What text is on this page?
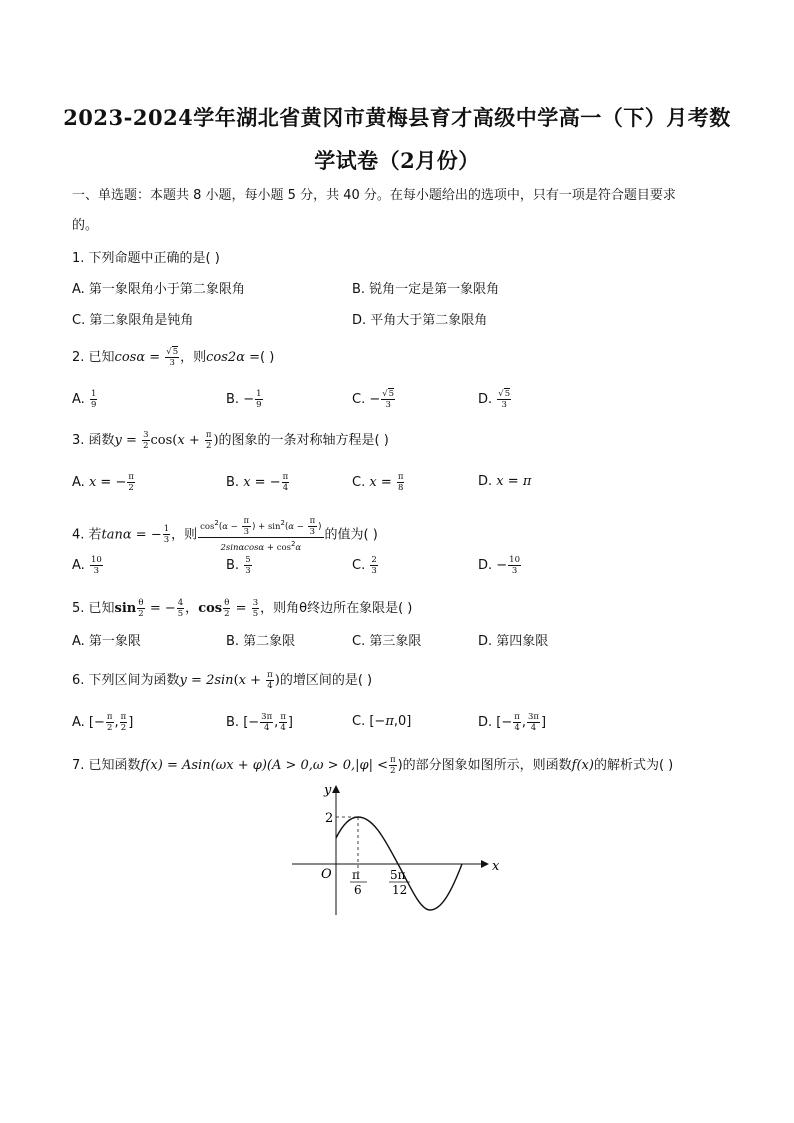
2023-2024学年湖北省黄冈市黄梅县育才高级中学高一（下）月考数
学试卷（2月份）
一、单选题：本题共 8 小题，每小题 5 分，共 40 分。在每小题给出的选项中，只有一项是符合题目要求
的。
1. 下列命题中正确的是( )
A. 第一象限角小于第二象限角	B. 锐角一定是第一象限角
C. 第二象限角是钝角	D. 平角大于第二象限角
2. 已知$\cos\alpha = \frac{√5}{3}$ ，则cos2α =( )
A. $\frac{1}{9}$	B. − $\frac{1}{9}$	C. − $\frac{√5}{3}$	D. $\frac{√5}{3}$
3. 函数$y = \frac{3}{2} \cos(x + \frac{\pi}{2}$ )的图象的一条对称轴方程是( )
A. x = − $\frac{\pi}{2}$	B. x = − $\frac{\pi}{4}$	C. $x = \frac{\pi}{8}$	D. x = π
4. 若tanα = − $\frac{1}{3}$ ，则 $\frac{\cos^2(\alpha - \frac{\pi}{3} ) + \sin^2(\alpha - \frac{\pi}{3} )}{2\sin\alpha\cos\alpha + \cos^2\alpha}$ 的值为( )
A. $\frac{10}{3}$	B. $\frac{5}{3}$	C. $\frac{2}{3}$	D. − $\frac{10}{3}$
5. 已知$\sin \frac{\theta}{2}$ = − $\frac{4}{5}$ ，$\cos \frac{\theta}{2} = \frac{3}{5}$ ，则角θ终边所在象限是( )
A. 第一象限	B. 第二象限	C. 第三象限	D. 第四象限
6. 下列区间为函数$y = 2\sin(x + \frac{\pi}{4}$ )的增区间的是( )
A. [− $\frac{\pi}{2}$ , $\frac{\pi}{2}$ ]	B. [− $\frac{3\pi}{4}$ , $\frac{\pi}{4}$ ]	C. [−π,0]	D. [− $\frac{\pi}{4}$ , $\frac{3\pi}{4}$ ]
7. 已知函数$f(x) = Asin(\omega x + \varphi)(A > 0,\omega > 0,|\varphi| < \frac{\pi}{2}$ )的部分图象如图所示，则函数f(x)的解析式为( )
x
y
O
2
π
6
5π
12
